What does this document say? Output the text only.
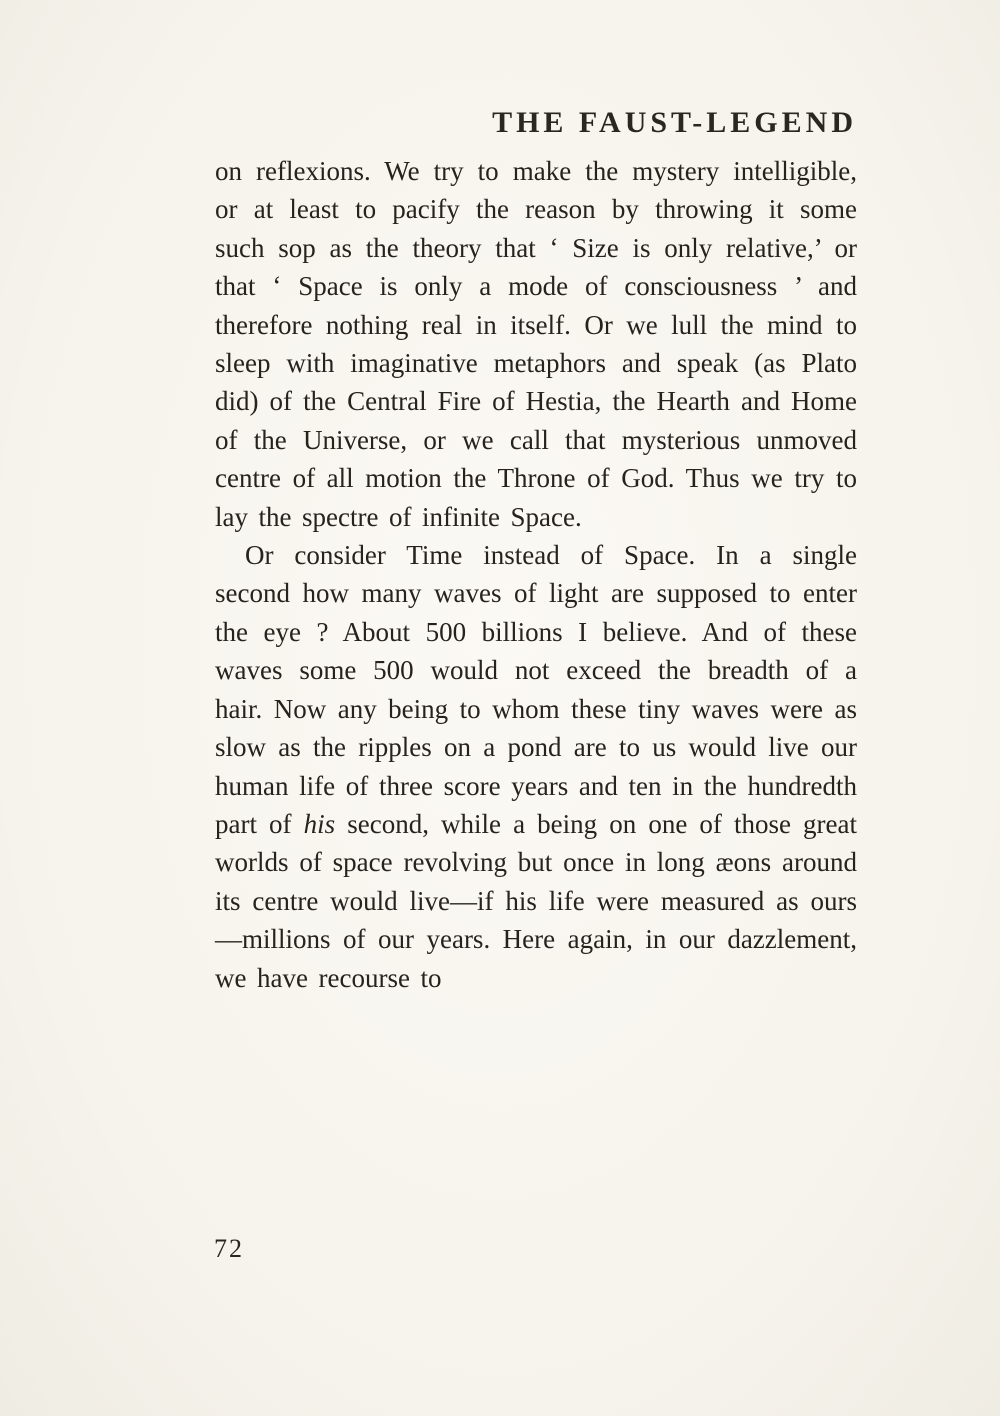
THE FAUST-LEGEND

on reflexions. We try to make the mystery intelligible, or at least to pacify the reason by throwing it some such sop as the theory that ‘ Size is only relative,’ or that ‘ Space is only a mode of consciousness ’ and therefore nothing real in itself. Or we lull the mind to sleep with imaginative metaphors and speak (as Plato did) of the Central Fire of Hestia, the Hearth and Home of the Universe, or we call that mysterious unmoved centre of all motion the Throne of God. Thus we try to lay the spectre of infinite Space.

Or consider Time instead of Space. In a single second how many waves of light are supposed to enter the eye ? About 500 billions I believe. And of these waves some 500 would not exceed the breadth of a hair. Now any being to whom these tiny waves were as slow as the ripples on a pond are to us would live our human life of three score years and ten in the hundredth part of his second, while a being on one of those great worlds of space revolving but once in long æons around its centre would live—if his life were measured as ours—millions of our years. Here again, in our dazzlement, we have recourse to

72
